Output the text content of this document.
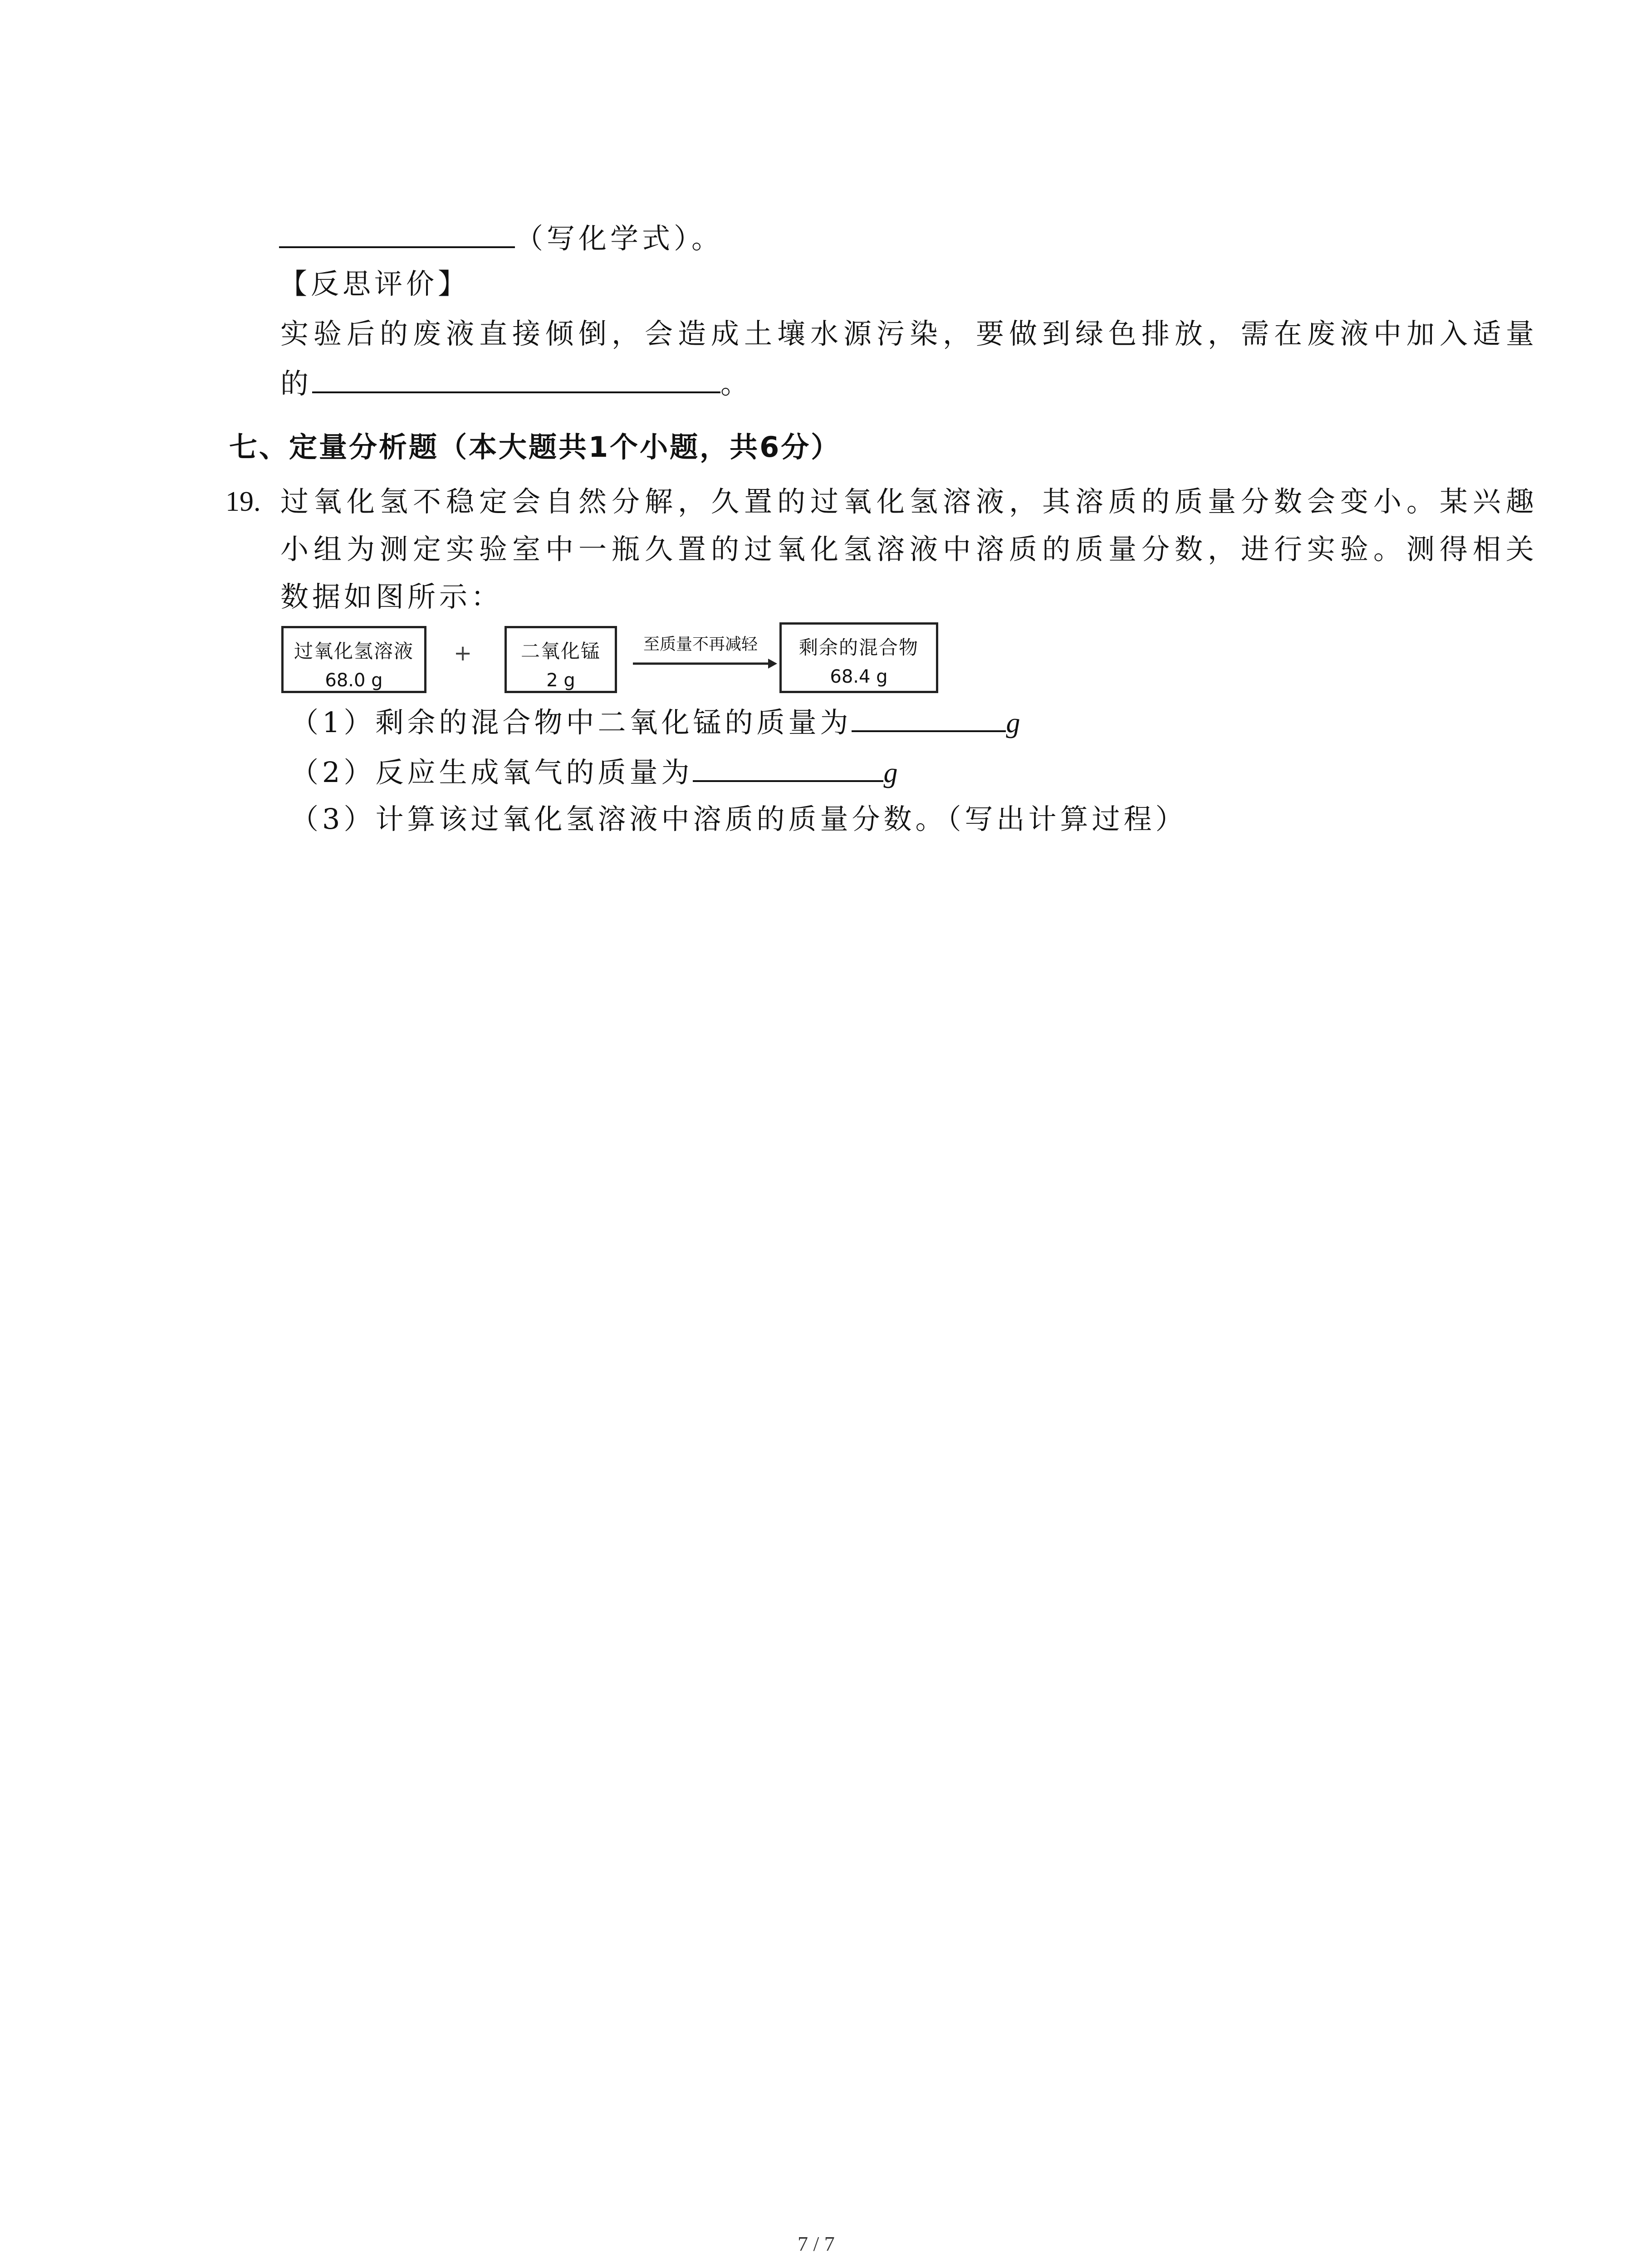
（写化学式）。
【反思评价】
实验后的废液直接倾倒，会造成土壤水源污染，要做到绿色排放，需在废液中加入适量
的	。
七、定量分析题（本大题共1个小题，共6分）
19. 过氧化氢不稳定会自然分解，久置的过氧化氢溶液，其溶质的质量分数会变小。某兴趣
小组为测定实验室中一瓶久置的过氧化氢溶液中溶质的质量分数，进行实验。测得相关
数据如图所示：
过氧化氢溶液
68.0 g
+	二氧化锰
2 g
至质量不再减轻	剩余的混合物
68.4 g
（1）剩余的混合物中二氧化锰的质量为	g
（2）反应生成氧气的质量为	g
（3）计算该过氧化氢溶液中溶质的质量分数。（写出计算过程）
7 / 7
